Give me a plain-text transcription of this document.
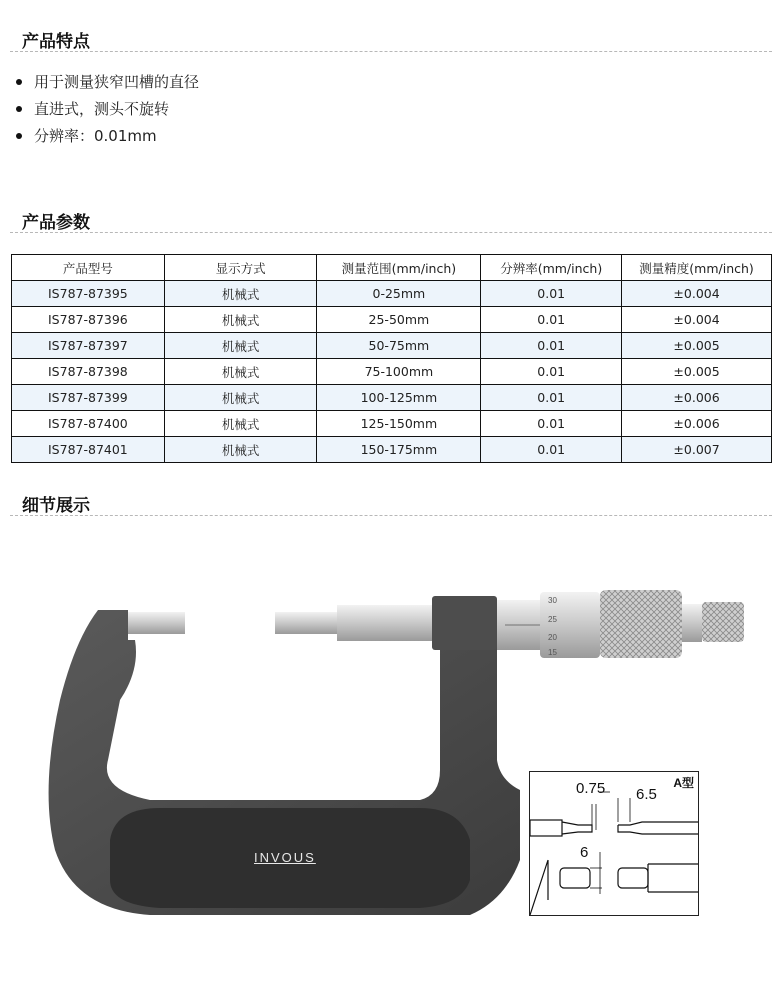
产品特点
用于测量狭窄凹槽的直径
直进式，测头不旋转
分辨率：0.01mm
产品参数
产品型号	显示方式	测量范围(mm/inch)	分辨率(mm/inch)	测量精度(mm/inch)
IS787-87395	机械式	0-25mm	0.01	±0.004
IS787-87396	机械式	25-50mm	0.01	±0.004
IS787-87397	机械式	50-75mm	0.01	±0.005
IS787-87398	机械式	75-100mm	0.01	±0.005
IS787-87399	机械式	100-125mm	0.01	±0.006
IS787-87400	机械式	125-150mm	0.01	±0.006
IS787-87401	机械式	150-175mm	0.01	±0.007
细节展示
30
25
20
15
INVOUS
A型
0.75 6.5
6
